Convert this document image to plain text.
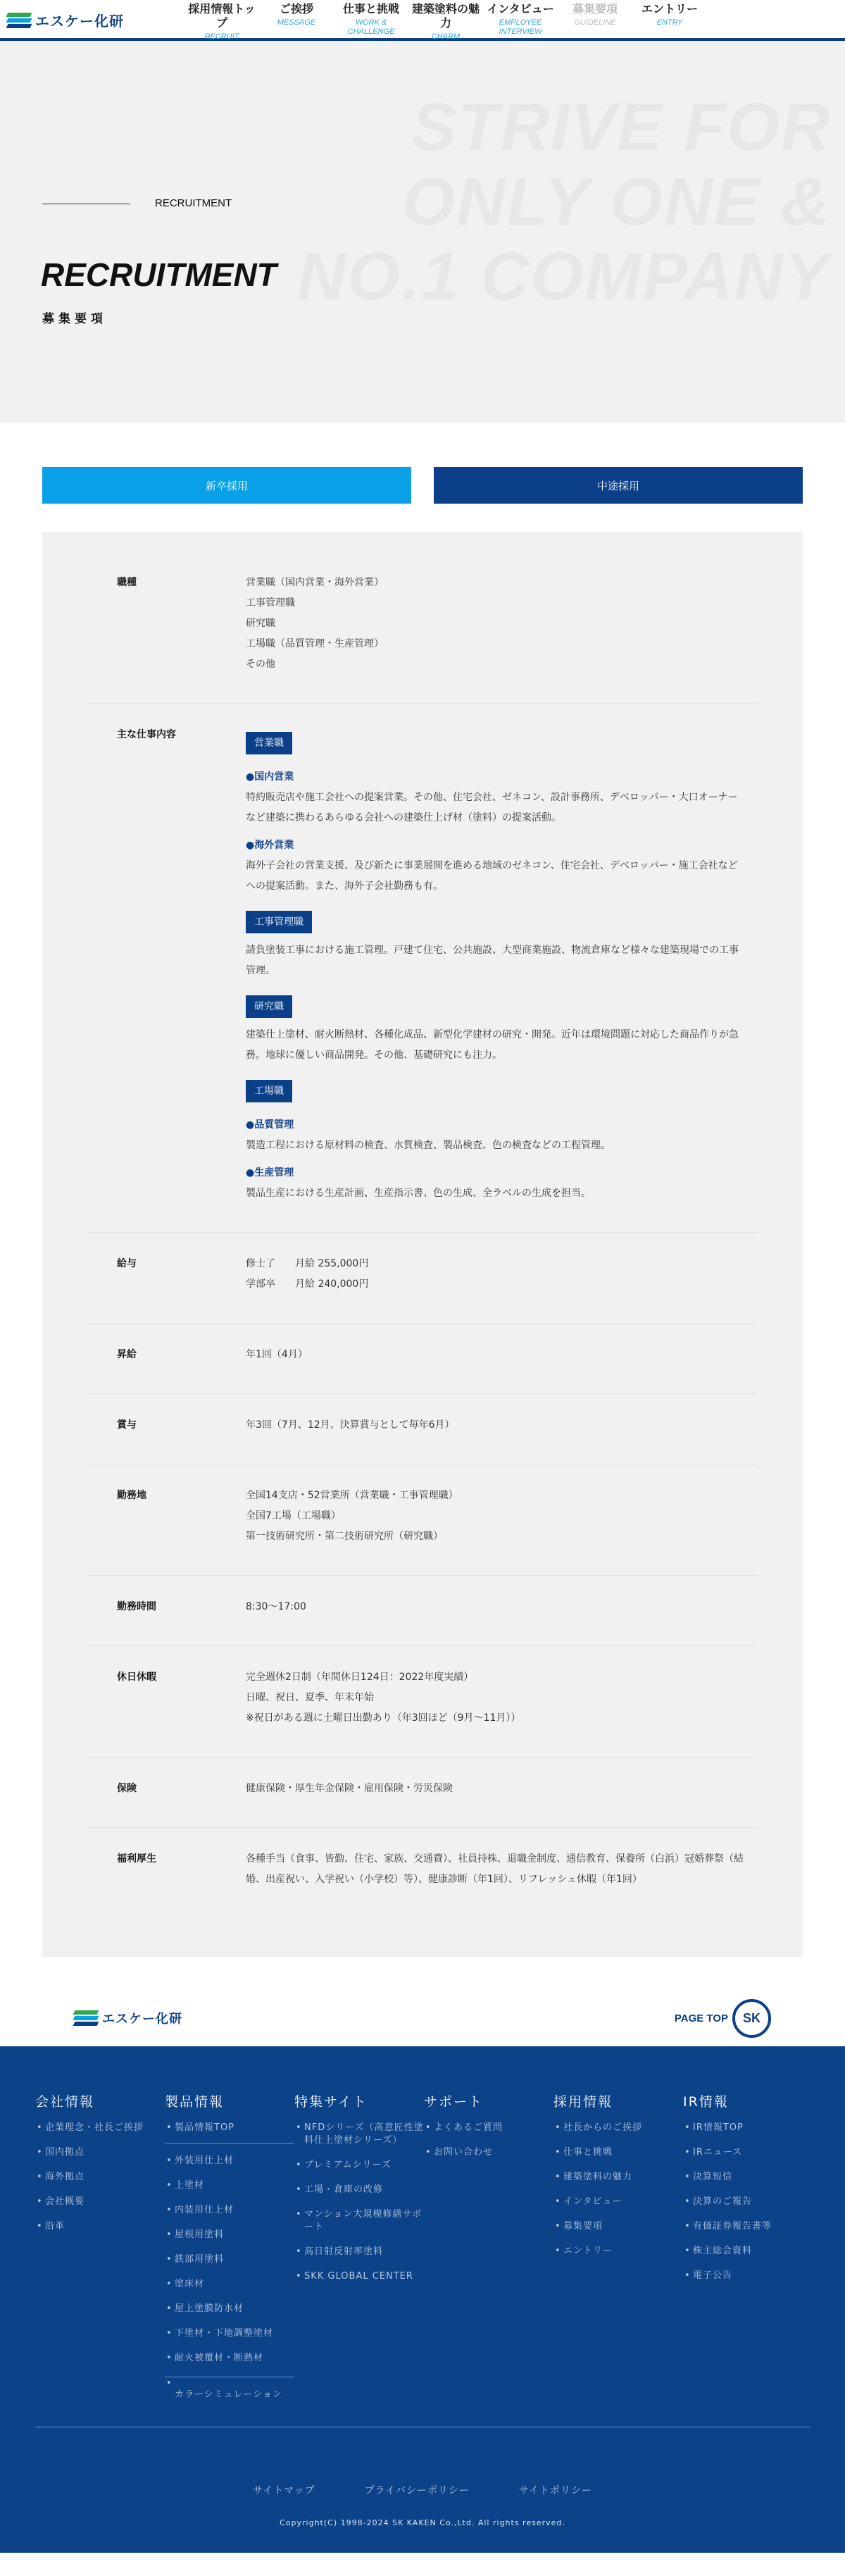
エスケー化研
採用情報トップ
RECRUIT
ご挨拶
MESSAGE
仕事と挑戦
WORK & CHALLENGE
建築塗料の魅力
CHARM
インタビュー
EMPLOYEE INTERVIEW
募集要項
GUIDELINE
エントリー
ENTRY
STRIVE FOR
ONLY ONE &
NO.1 COMPANY
RECRUITMENT
RECRUITMENT
募集要項
新卒採用	中途採用
職種	営業職（国内営業・海外営業）
工事管理職
研究職
工場職（品質管理・生産管理）
その他
主な仕事内容
営業職
●国内営業
特約販売店や施工会社への提案営業。その他、住宅会社、ゼネコン、設計事務所、デベロッパー・大口オーナーなど建築に携わるあらゆる会社への建築仕上げ材（塗料）の提案活動。
●海外営業
海外子会社の営業支援、及び新たに事業展開を進める地域のゼネコン、住宅会社、デベロッパー・施工会社などへの提案活動。また、海外子会社勤務も有。
工事管理職
請負塗装工事における施工管理。戸建て住宅、公共施設、大型商業施設、物流倉庫など様々な建築現場での工事管理。
研究職
建築仕上塗材、耐火断熱材、各種化成品、新型化学建材の研究・開発。近年は環境問題に対応した商品作りが急務。地球に優しい商品開発。その他、基礎研究にも注力。
工場職
●品質管理
製造工程における原材料の検査、水質検査、製品検査、色の検査などの工程管理。
●生産管理
製品生産における生産計画、生産指示書、色の生成、全ラベルの生成を担当。
給与	修士了　　月給 255,000円
学部卒　　月給 240,000円
昇給	年1回（4月）
賞与	年3回（7月、12月、決算賞与として毎年6月）
勤務地	全国14支店・52営業所（営業職・工事管理職）
全国7工場（工場職）
第一技術研究所・第二技術研究所（研究職）
勤務時間	8:30〜17:00
休日休暇	完全週休2日制（年間休日124日：2022年度実績）
日曜、祝日、夏季、年末年始
※祝日がある週に土曜日出勤あり（年3回ほど（9月〜11月））
保険	健康保険・厚生年金保険・雇用保険・労災保険
福利厚生	各種手当（食事、皆勤、住宅、家族、交通費）、社員持株、退職金制度、通信教育、保養所（白浜）冠婚葬祭（結婚、出産祝い、入学祝い（小学校）等）、健康診断（年1回）、リフレッシュ休暇（年1回）
エスケー化研	PAGE TOP	SK
会社情報
• 企業理念・社長ご挨拶
• 国内拠点
• 海外拠点
• 会社概要
• 沿革
製品情報
• 製品情報TOP
• 外装用仕上材
• 上塗材
• 内装用仕上材
• 屋根用塗料
• 鉄部用塗料
• 塗床材
• 屋上塗膜防水材
• 下塗材・下地調整塗材
• 耐火被覆材・断熱材
• カラーシミュレーション
特集サイト
• NFDシリーズ（高意匠性塗料仕上塗材シリーズ）
• プレミアムシリーズ
• 工場・倉庫の改修
• マンション大規模修繕サポート
• 高日射反射率塗料
• SKK GLOBAL CENTER
サポート
• よくあるご質問
• お問い合わせ
採用情報
• 社長からのご挨拶
• 仕事と挑戦
• 建築塗料の魅力
• インタビュー
• 募集要項
• エントリー
IR情報
• IR情報TOP
• IRニュース
• 決算短信
• 決算のご報告
• 有価証券報告書等
• 株主総会資料
• 電子公告
サイトマップ	プライバシーポリシー	サイトポリシー
Copyright(C) 1998-2024 SK KAKEN Co.,Ltd. All rights reserved.
